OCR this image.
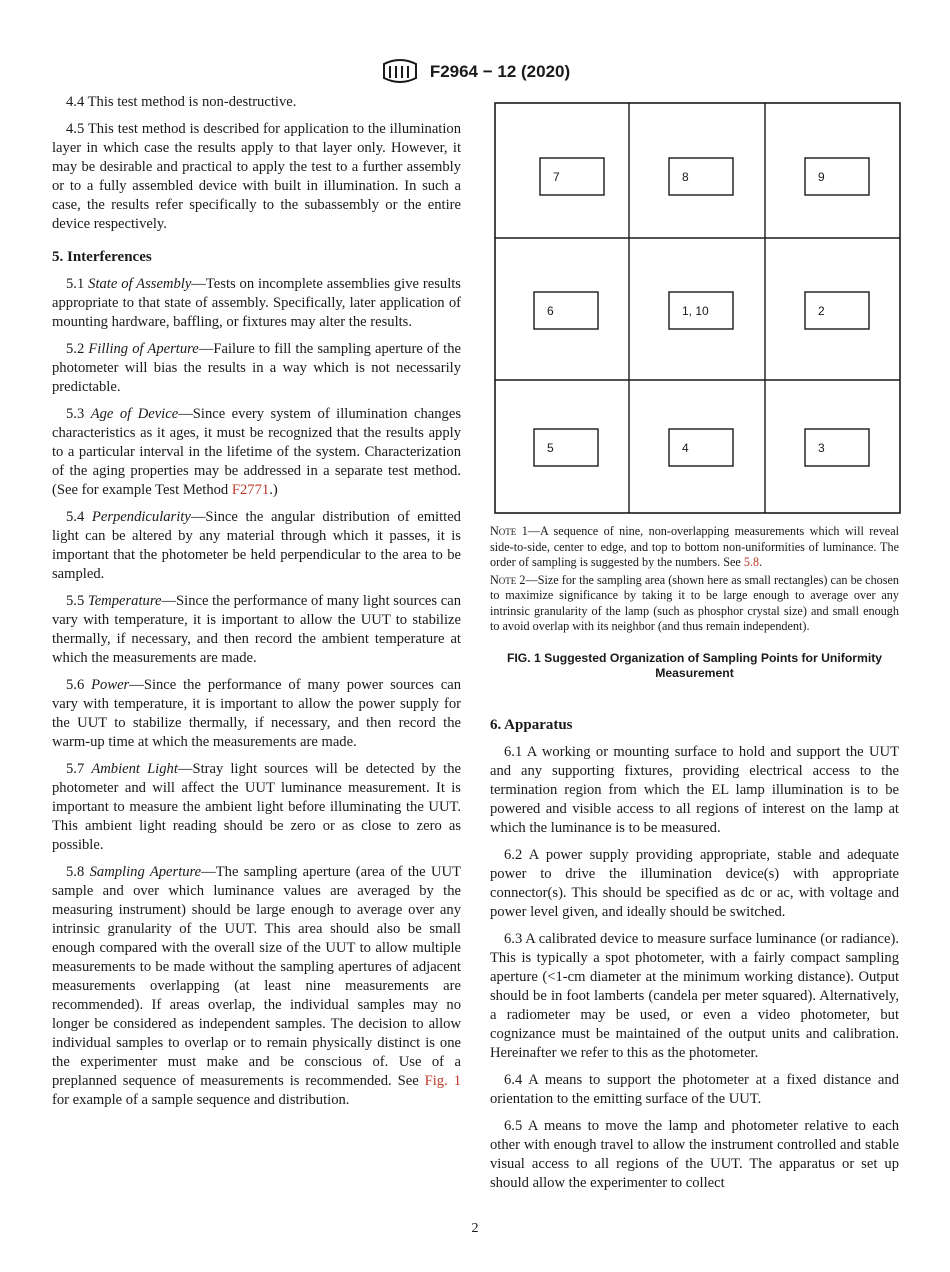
F2964 − 12 (2020)

4.4 This test method is non-destructive.

4.5 This test method is described for application to the illumination layer in which case the results apply to that layer only. However, it may be desirable and practical to apply the test to a further assembly or to a fully assembled device with built in illumination. In such a case, the results refer specifically to the subassembly or the entire device respectively.

5. Interferences

5.1 State of Assembly—Tests on incomplete assemblies give results appropriate to that state of assembly. Specifically, later application of mounting hardware, baffling, or fixtures may alter the results.

5.2 Filling of Aperture—Failure to fill the sampling aperture of the photometer will bias the results in a way which is not necessarily predictable.

5.3 Age of Device—Since every system of illumination changes characteristics as it ages, it must be recognized that the results apply to a particular interval in the lifetime of the system. Characterization of the aging properties may be addressed in a separate test method. (See for example Test Method F2771.)

5.4 Perpendicularity—Since the angular distribution of emitted light can be altered by any material through which it passes, it is important that the photometer be held perpendicular to the area to be sampled.

5.5 Temperature—Since the performance of many light sources can vary with temperature, it is important to allow the UUT to stabilize thermally, if necessary, and then record the ambient temperature at which the measurements are made.

5.6 Power—Since the performance of many power sources can vary with temperature, it is important to allow the power supply for the UUT to stabilize thermally, if necessary, and then record the warm-up time at which the measurements are made.

5.7 Ambient Light—Stray light sources will be detected by the photometer and will affect the UUT luminance measurement. It is important to measure the ambient light before illuminating the UUT. This ambient light reading should be zero or as close to zero as possible.

5.8 Sampling Aperture—The sampling aperture (area of the UUT sample and over which luminance values are averaged by the measuring instrument) should be large enough to average over any intrinsic granularity of the UUT. This area should also be small enough compared with the overall size of the UUT to allow multiple measurements to be made without the sampling apertures of adjacent measurements overlapping (at least nine measurements are recommended). If areas overlap, the individual samples may no longer be considered as independent samples. The decision to allow individual samples to overlap or to remain physically distinct is one the experimenter must make and be conscious of. Use of a preplanned sequence of measurements is recommended. See Fig. 1 for example of a sample sequence and distribution.

7	8	9
6	1, 10	2
5	4	3

Note 1—A sequence of nine, non-overlapping measurements which will reveal side-to-side, center to edge, and top to bottom non-uniformities of luminance. The order of sampling is suggested by the numbers. See 5.8.

Note 2—Size for the sampling area (shown here as small rectangles) can be chosen to maximize significance by taking it to be large enough to average over any intrinsic granularity of the lamp (such as phosphor crystal size) and small enough to avoid overlap with its neighbor (and thus remain independent).

FIG. 1 Suggested Organization of Sampling Points for Uniformity Measurement
6. Apparatus

6.1 A working or mounting surface to hold and support the UUT and any supporting fixtures, providing electrical access to the termination region from which the EL lamp illumination is to be powered and visible access to all regions of interest on the lamp at which the luminance is to be measured.

6.2 A power supply providing appropriate, stable and adequate power to drive the illumination device(s) with appropriate connector(s). This should be specified as dc or ac, with voltage and power level given, and ideally should be switched.

6.3 A calibrated device to measure surface luminance (or radiance). This is typically a spot photometer, with a fairly compact sampling aperture (<1-cm diameter at the minimum working distance). Output should be in foot lamberts (candela per meter squared). Alternatively, a radiometer may be used, or even a video photometer, but cognizance must be maintained of the output units and calibration. Hereinafter we refer to this as the photometer.

6.4 A means to support the photometer at a fixed distance and orientation to the emitting surface of the UUT.

6.5 A means to move the lamp and photometer relative to each other with enough travel to allow the instrument controlled and stable visual access to all regions of the UUT. The apparatus or set up should allow the experimenter to collect

2
